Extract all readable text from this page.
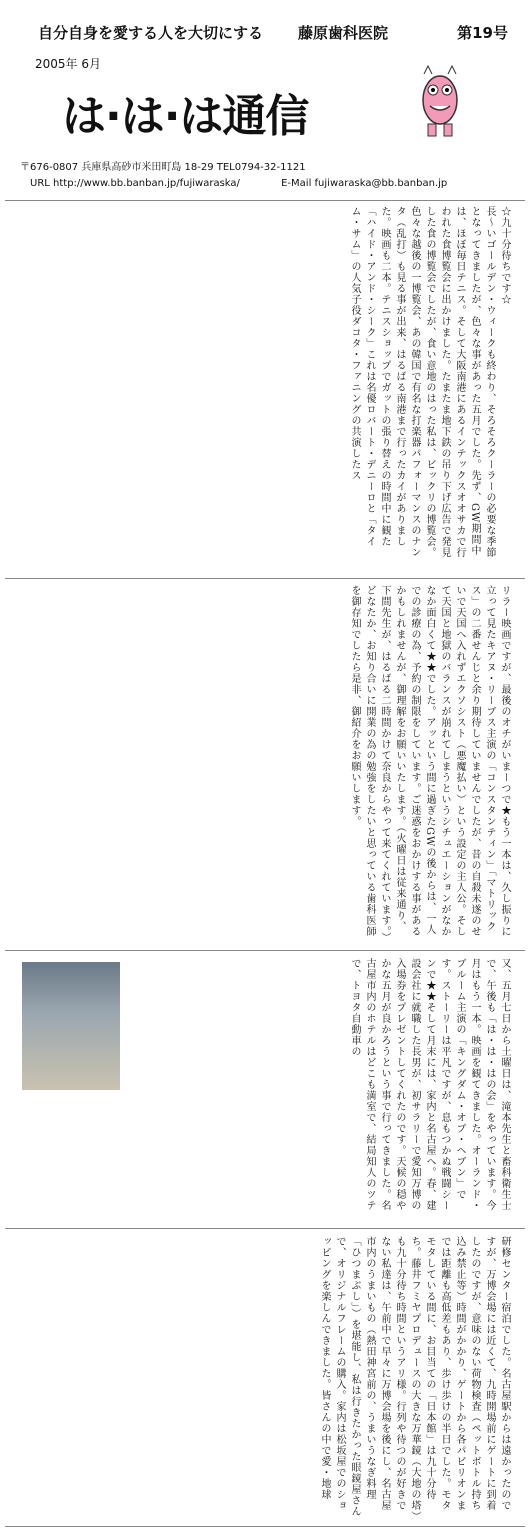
自分自身を愛する人を大切にする 藤原歯科医院	第19号
2005年 6月
は·は·は通信
〒676-0807 兵庫県高砂市米田町島 18-29 TEL0794-32-1121
URL http://www.bb.banban.jp/fujiwaraska/	E-Mail fujiwaraska@bb.banban.jp
☆九十分待ちです☆
長～いゴールデン・ウィークも終わり、そろそろクーラーの必要な季節となってきましたが、色々な事があった五月でした。先ず、GW期間中は、ほぼ毎日テニス。そして大阪南港にあるインテックスオオサカで行われた食博覧会に出かけました。たまたま地下鉄の吊り下げ広告で発見した食の博覧会でしたが、食い意地のはった私は、ビックリの博覧会。色々な越後の一博覧会、あの韓国で有名な打楽器パフォーマンスのナンタ（乱打）も見る事が出来、はるばる南港まで行ったカイがありました。映画も二本。テニスショップでガットの張り替えの時間中に観た「ハイド・アンド・シーク」これは名優ロバート・デニーロと「タイム・サム」の人気子役ダコタ・ファニングの共演したス
リラー映画ですが、最後のオチがいまーつで★もう一本は、久し振りに立って見たキアヌ・リーブス主演の「コンスタンティン」「マトリックス」の二番せんじと余り期待していませんでしたが、昔の自殺未遂のせいで天国へ入れずエクソシスト（悪魔払い）という設定の主人公。そして天国と地獄のバランスが崩れてしまうというシチュエーションがなかなか面白くて★★でした。アッという間に過ぎたGWの後からは、一人での診療の為、予約の制限をしています。ご迷惑をおかけする事があるかもしれませんが、御理解をお願いいたします。（火曜日は従来通り、下間先生が、はるばる二時間かけて奈良からやって来てくれています。）どなたか、お知り合いに開業の為の勉強をしたいと思っている歯科医師を御存知でしたら是非、御紹介をお願いします。
又、五月七日から土曜日は、滝本先生と畜科衛生士で、午後も「は・は・はの会」をやっています。今月はもう一本。映画を観てきました。オーランド・ブルーム主演の「キングダム・オブ・ヘブン」です。ストーリーは平凡ですが、息もつかぬ戦闘シーンで★★そして月末には、家内と名古屋へ。春、建設会社に就職した長男が、初サラリーで愛知万博の入場券をプレゼントしてくれたのです。天候の穏やかな五月が良かろうという事で行ってきました。名古屋市内のホテルはどこも満室で、結局知人のツテで、トヨタ自動車の
研修センター宿泊でした。名古屋駅からは遠かったのですが、万博会場には近くて、九時開場前にゲートに到着したのですが、意味のない荷物検査（ペットボトル持ち込み禁止等）時間がかかり、ゲートから各パビリオンまでは距離も高低差もあり、歩け歩けの半日でした。モタモタしている間に、お目当ての「日本館」は九十分待ち。藤井フミヤプロデュースの大きな万華鏡（大地の塔）も九十分待ち時間というアリ様。行列や待つのが好きでない私達は、午前中で早々に万博会場を後にし、名古屋市内のうまいもの（熱田神宮前の、うまいうなぎ料理「ひつまぶし」）を堪能し、私は行きたかった眼鏡屋さんで、オリジナルフレームの購入。家内は松坂屋でのショッピングを楽しんできました。皆さんの中で愛・地球
